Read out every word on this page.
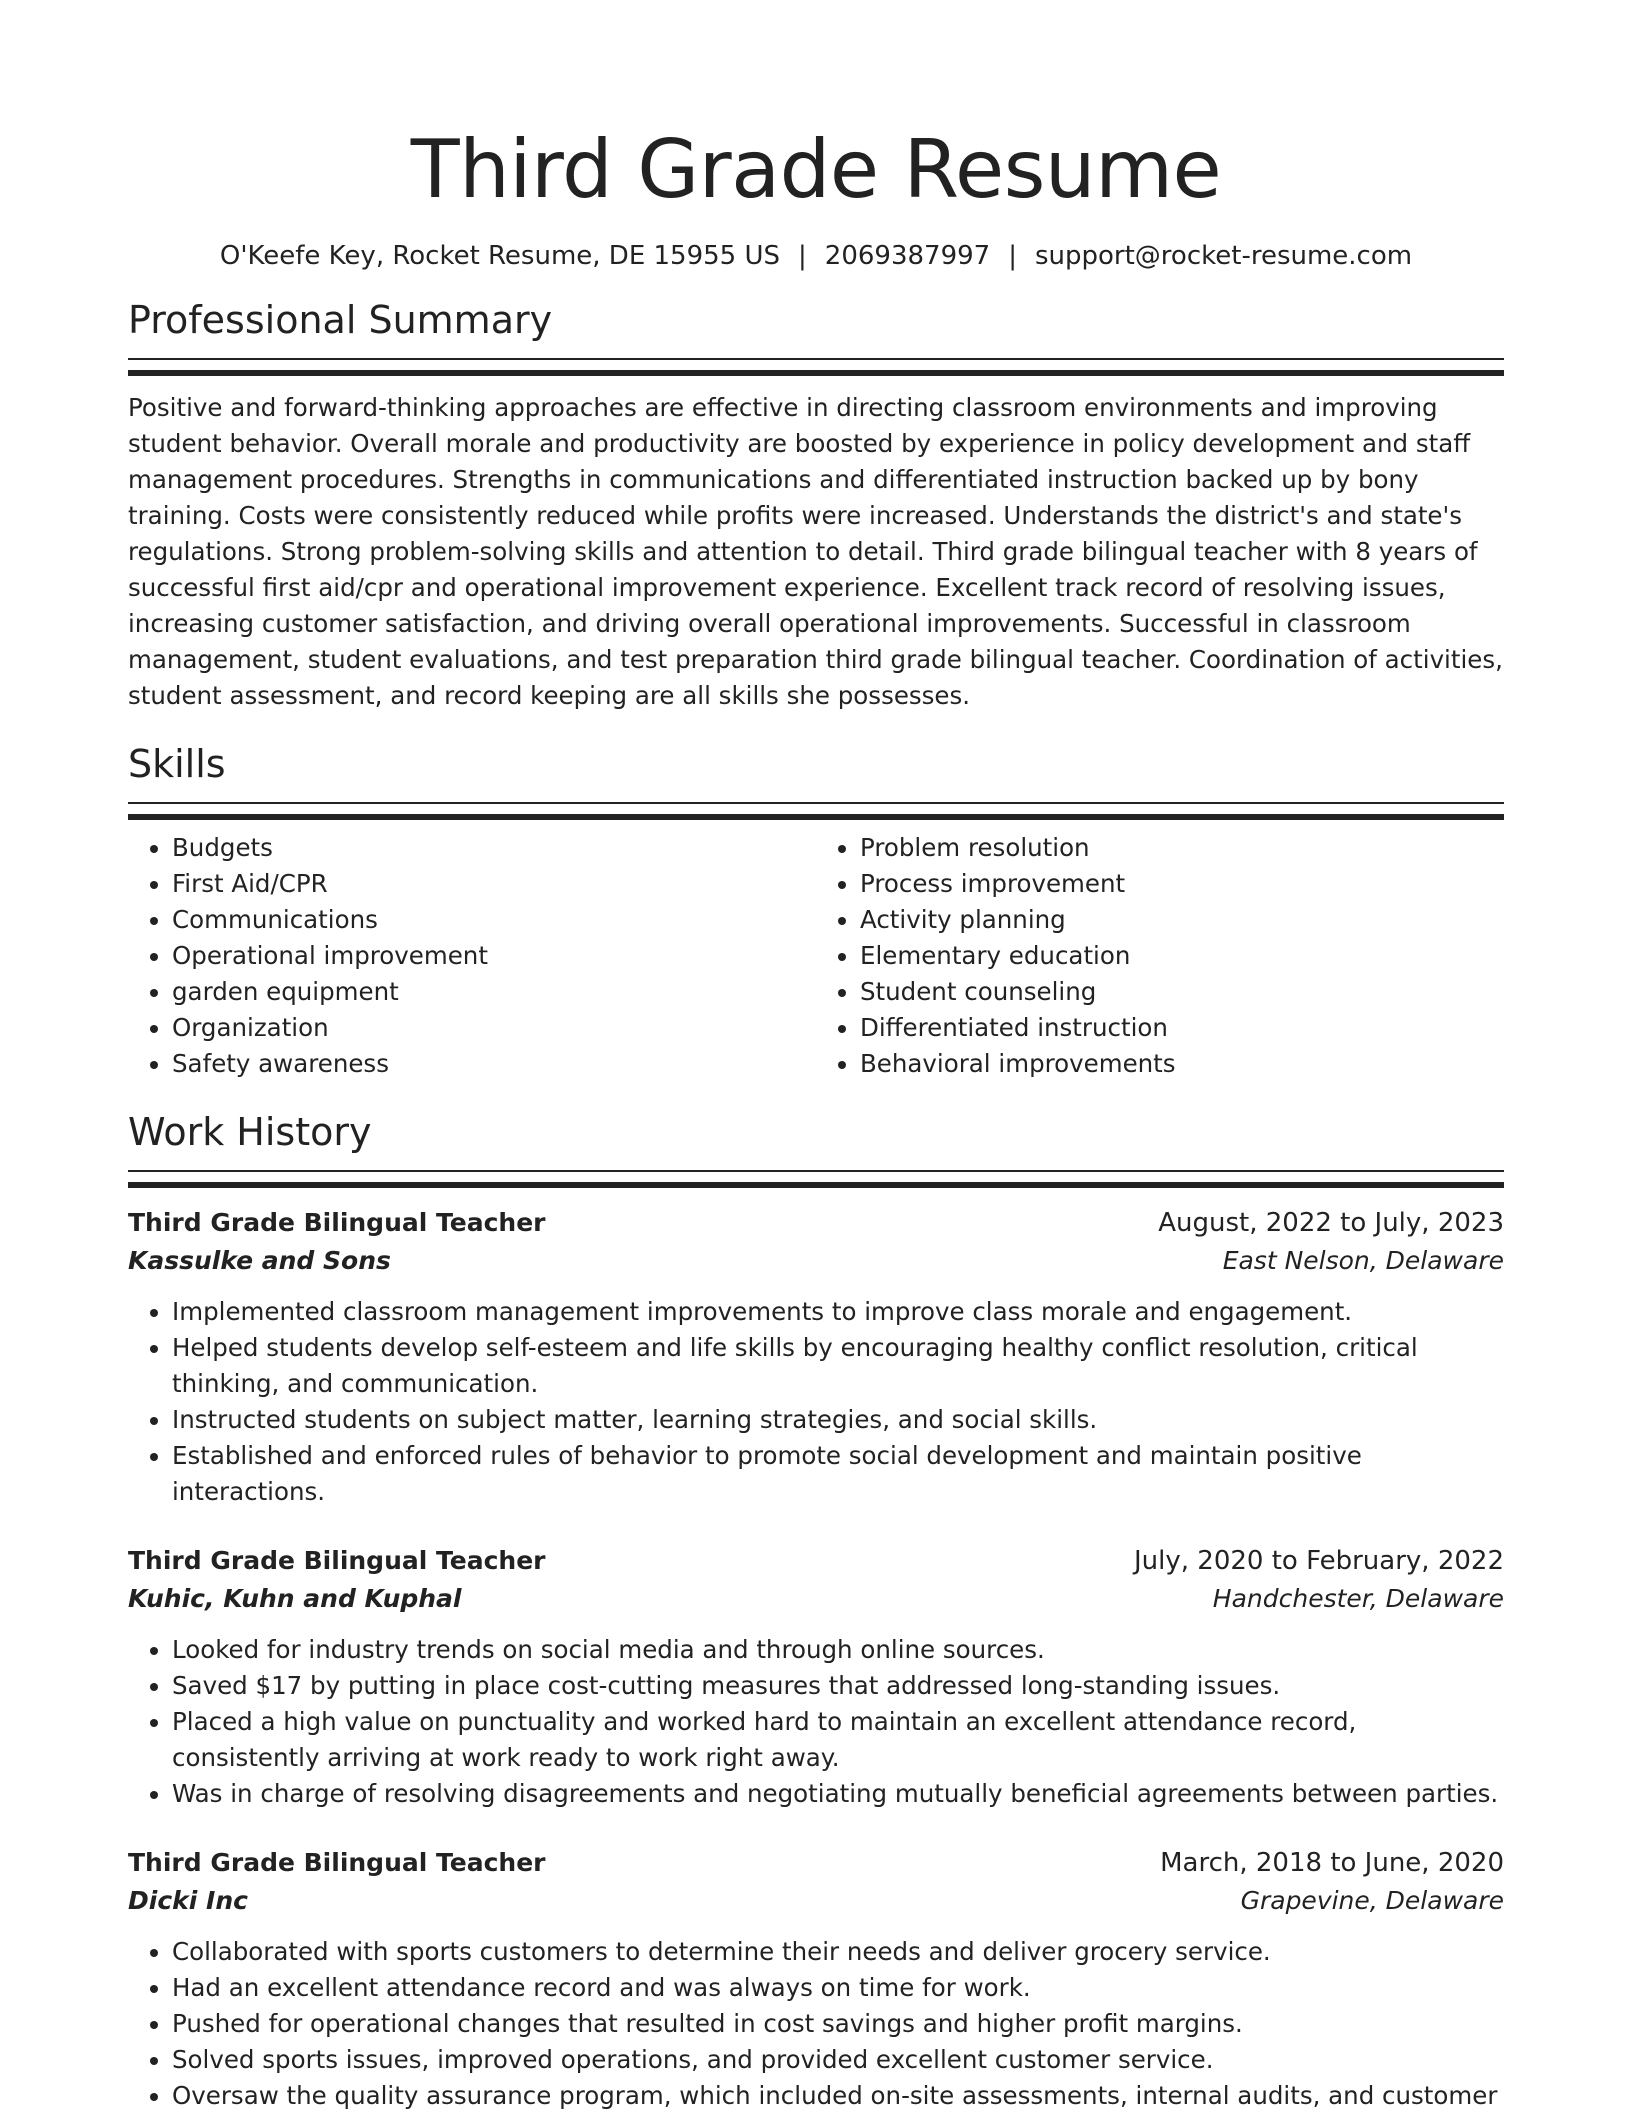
Third Grade Resume
O'Keefe Key, Rocket Resume, DE 15955 US | 2069387997 | support@rocket-resume.com
Professional Summary
Positive and forward-thinking approaches are effective in directing classroom environments and improving student behavior. Overall morale and productivity are boosted by experience in policy development and staff management procedures. Strengths in communications and differentiated instruction backed up by bony training. Costs were consistently reduced while profits were increased. Understands the district's and state's regulations. Strong problem-solving skills and attention to detail. Third grade bilingual teacher with 8 years of successful first aid/cpr and operational improvement experience. Excellent track record of resolving issues, increasing customer satisfaction, and driving overall operational improvements. Successful in classroom management, student evaluations, and test preparation third grade bilingual teacher. Coordination of activities, student assessment, and record keeping are all skills she possesses.
Skills
• Budgets
• First Aid/CPR
• Communications
• Operational improvement
• garden equipment
• Organization
• Safety awareness
• Problem resolution
• Process improvement
• Activity planning
• Elementary education
• Student counseling
• Differentiated instruction
• Behavioral improvements
Work History
Third Grade Bilingual Teacher	August, 2022 to July, 2023
Kassulke and Sons	East Nelson, Delaware
• Implemented classroom management improvements to improve class morale and engagement.
• Helped students develop self-esteem and life skills by encouraging healthy conflict resolution, critical thinking, and communication.
• Instructed students on subject matter, learning strategies, and social skills.
• Established and enforced rules of behavior to promote social development and maintain positive interactions.
Third Grade Bilingual Teacher	July, 2020 to February, 2022
Kuhic, Kuhn and Kuphal	Handchester, Delaware
• Looked for industry trends on social media and through online sources.
• Saved $17 by putting in place cost-cutting measures that addressed long-standing issues.
• Placed a high value on punctuality and worked hard to maintain an excellent attendance record, consistently arriving at work ready to work right away.
• Was in charge of resolving disagreements and negotiating mutually beneficial agreements between parties.
Third Grade Bilingual Teacher	March, 2018 to June, 2020
Dicki Inc	Grapevine, Delaware
• Collaborated with sports customers to determine their needs and deliver grocery service.
• Had an excellent attendance record and was always on time for work.
• Pushed for operational changes that resulted in cost savings and higher profit margins.
• Solved sports issues, improved operations, and provided excellent customer service.
• Oversaw the quality assurance program, which included on-site assessments, internal audits, and customer
